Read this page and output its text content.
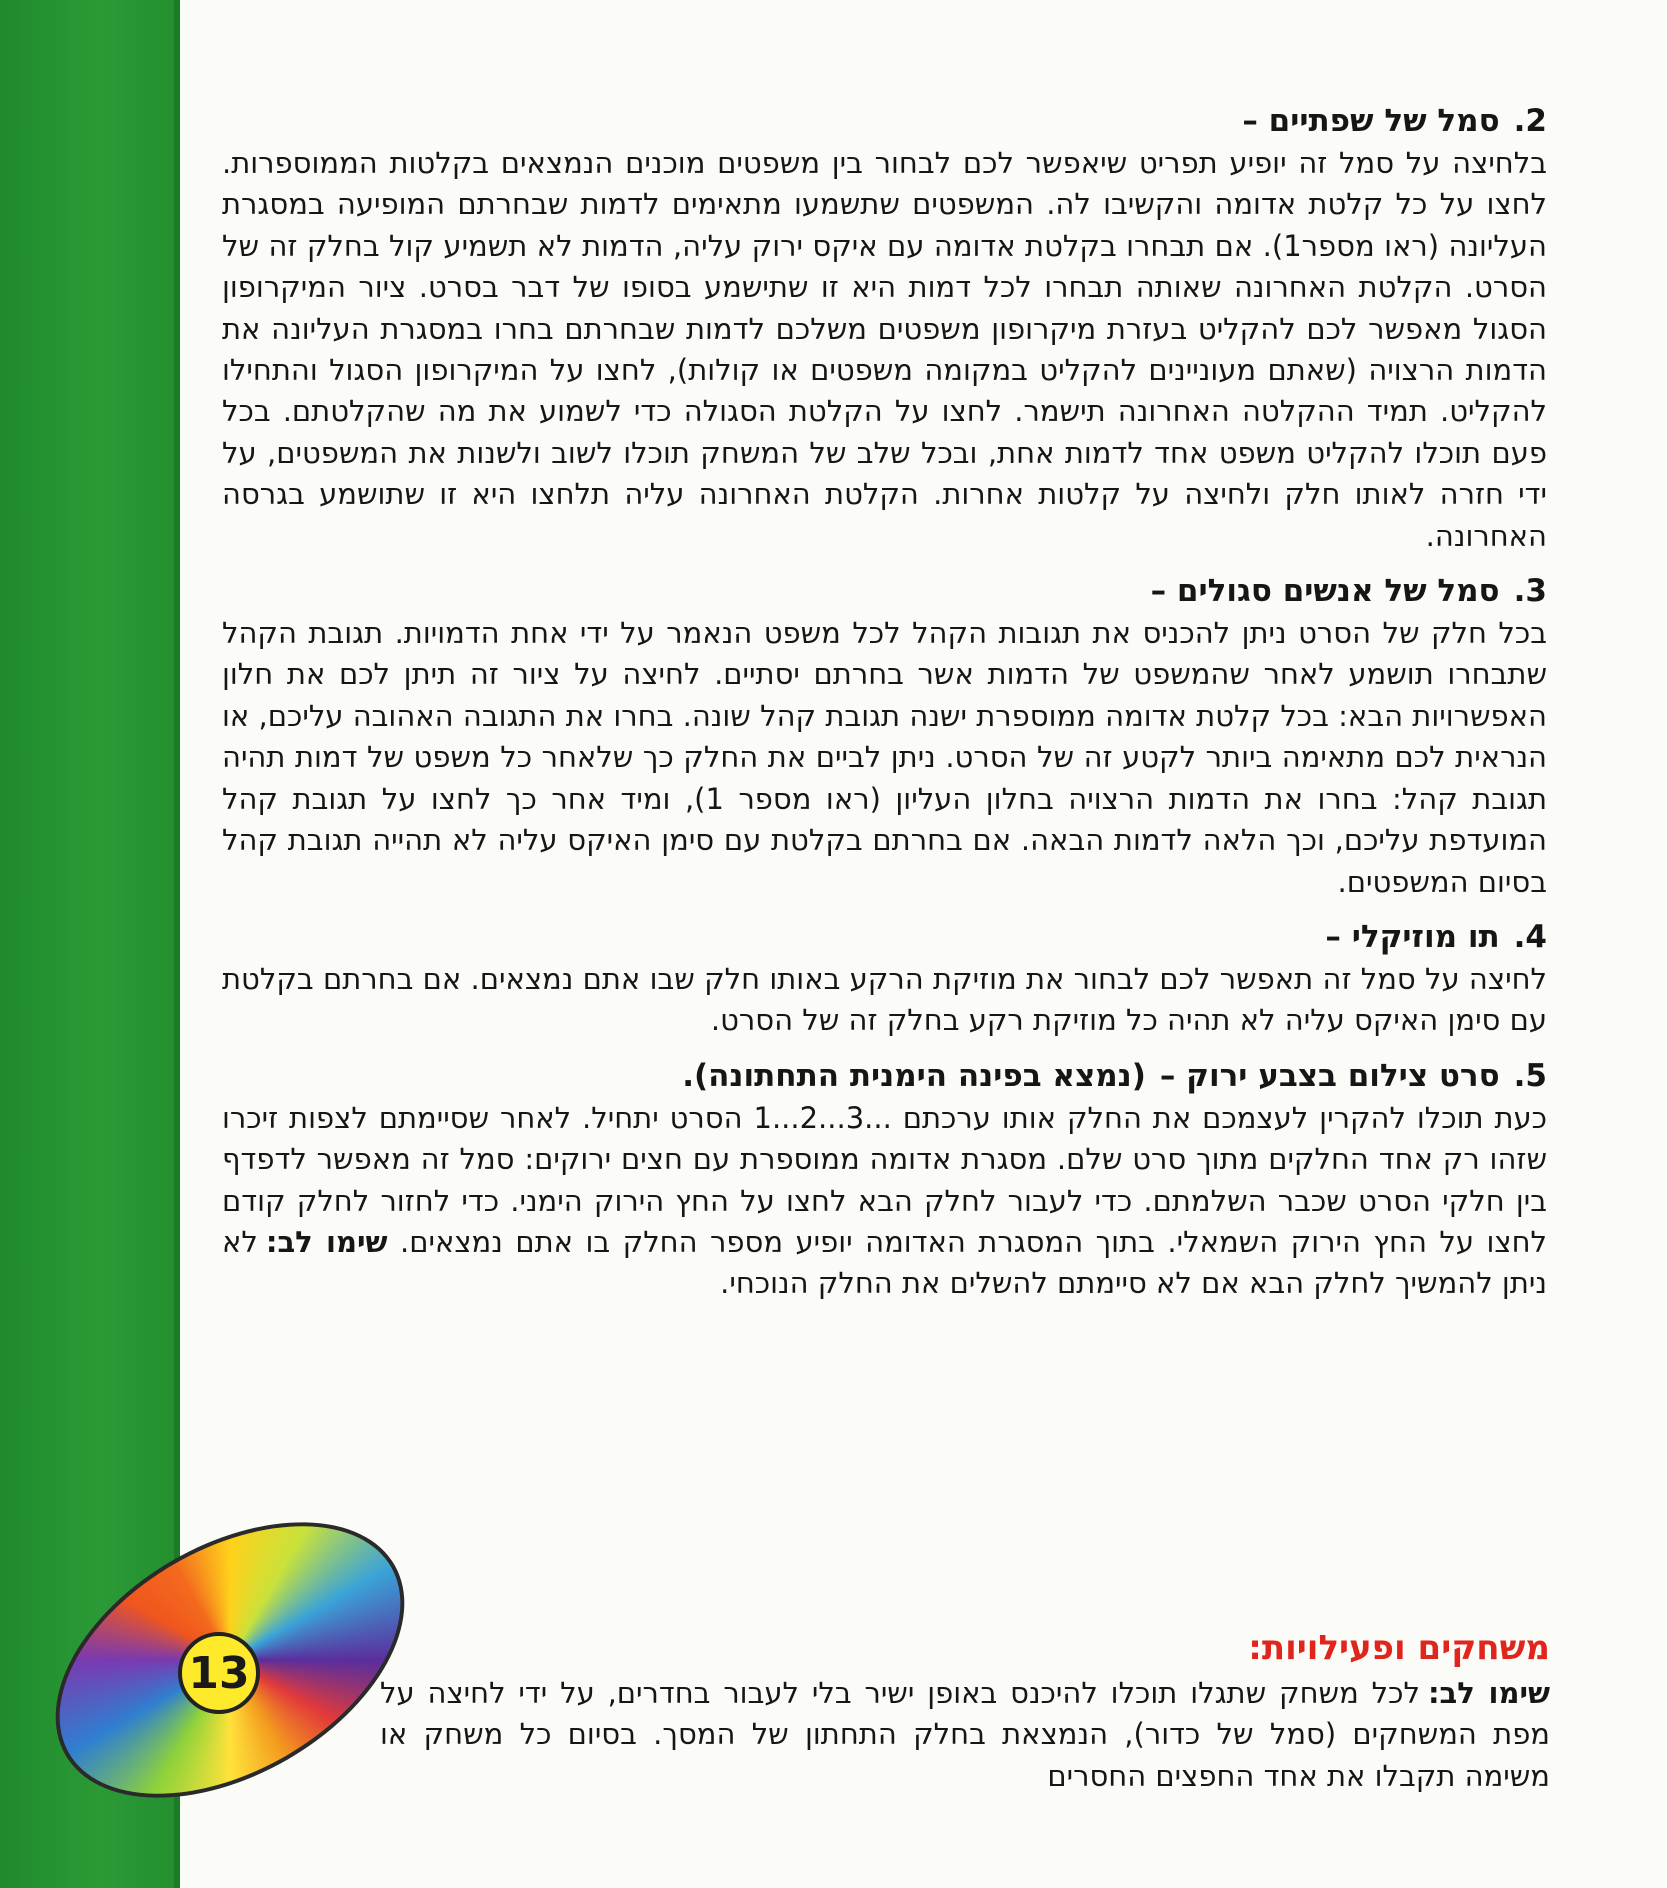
.2
סמל של שפתיים –

בלחיצה על סמל זה יופיע תפריט שיאפשר לכם לבחור בין משפטים מוכנים הנמצאים בקלטות הממוספרות. לחצו על כל קלטת אדומה והקשיבו לה. המשפטים שתשמעו מתאימים לדמות שבחרתם המופיעה במסגרת העליונה (ראו מספר1). אם תבחרו בקלטת אדומה עם איקס ירוק עליה, הדמות לא תשמיע קול בחלק זה של הסרט. הקלטת האחרונה שאותה תבחרו לכל דמות היא זו שתישמע בסופו של דבר בסרט. ציור המיקרופון הסגול מאפשר לכם להקליט בעזרת מיקרופון משפטים משלכם לדמות שבחרתם בחרו במסגרת העליונה את הדמות הרצויה (שאתם מעוניינים להקליט במקומה משפטים או קולות), לחצו על המיקרופון הסגול והתחילו להקליט. תמיד ההקלטה האחרונה תישמר. לחצו על הקלטת הסגולה כדי לשמוע את מה שהקלטתם. בכל פעם תוכלו להקליט משפט אחד לדמות אחת, ובכל שלב של המשחק תוכלו לשוב ולשנות את המשפטים, על ידי חזרה לאותו חלק ולחיצה על קלטות אחרות. הקלטת האחרונה עליה תלחצו היא זו שתושמע בגרסה האחרונה.

.3
סמל של אנשים סגולים –

בכל חלק של הסרט ניתן להכניס את תגובות הקהל לכל משפט הנאמר על ידי אחת הדמויות. תגובת הקהל שתבחרו תושמע לאחר שהמשפט של הדמות אשר בחרתם יסתיים. לחיצה על ציור זה תיתן לכם את חלון האפשרויות הבא: בכל קלטת אדומה ממוספרת ישנה תגובת קהל שונה. בחרו את התגובה האהובה עליכם, או הנראית לכם מתאימה ביותר לקטע זה של הסרט. ניתן לביים את החלק כך שלאחר כל משפט של דמות תהיה תגובת קהל: בחרו את הדמות הרצויה בחלון העליון (ראו מספר 1), ומיד אחר כך לחצו על תגובת קהל המועדפת עליכם, וכך הלאה לדמות הבאה. אם בחרתם בקלטת עם סימן האיקס עליה לא תהייה תגובת קהל בסיום המשפטים.

.4
תו מוזיקלי –

לחיצה על סמל זה תאפשר לכם לבחור את מוזיקת הרקע באותו חלק שבו אתם נמצאים. אם בחרתם בקלטת עם סימן האיקס עליה לא תהיה כל מוזיקת רקע בחלק זה של הסרט.

.5
סרט צילום בצבע ירוק –
(נמצא בפינה הימנית התחתונה).

כעת תוכלו להקרין לעצמכם את החלק אותו ערכתם ...3...2...1 הסרט יתחיל. לאחר שסיימתם לצפות זיכרו שזהו רק אחד החלקים מתוך סרט שלם. מסגרת אדומה ממוספרת עם חצים ירוקים: סמל זה מאפשר לדפדף בין חלקי הסרט שכבר השלמתם. כדי לעבור לחלק הבא לחצו על החץ הירוק הימני. כדי לחזור לחלק קודם לחצו על החץ הירוק השמאלי. בתוך המסגרת האדומה יופיע מספר החלק בו אתם נמצאים. שימו לב:לא ניתן להמשיך לחלק הבא אם לא סיימתם להשלים את החלק הנוכחי.

13	משחקים ופעילויות:

שימו לב:לכל משחק שתגלו תוכלו להיכנס באופן ישיר בלי לעבור בחדרים, על ידי לחיצה על מפת המשחקים (סמל של כדור), הנמצאת בחלק התחתון של המסך. בסיום כל משחק או משימה תקבלו את אחד החפצים החסרים
